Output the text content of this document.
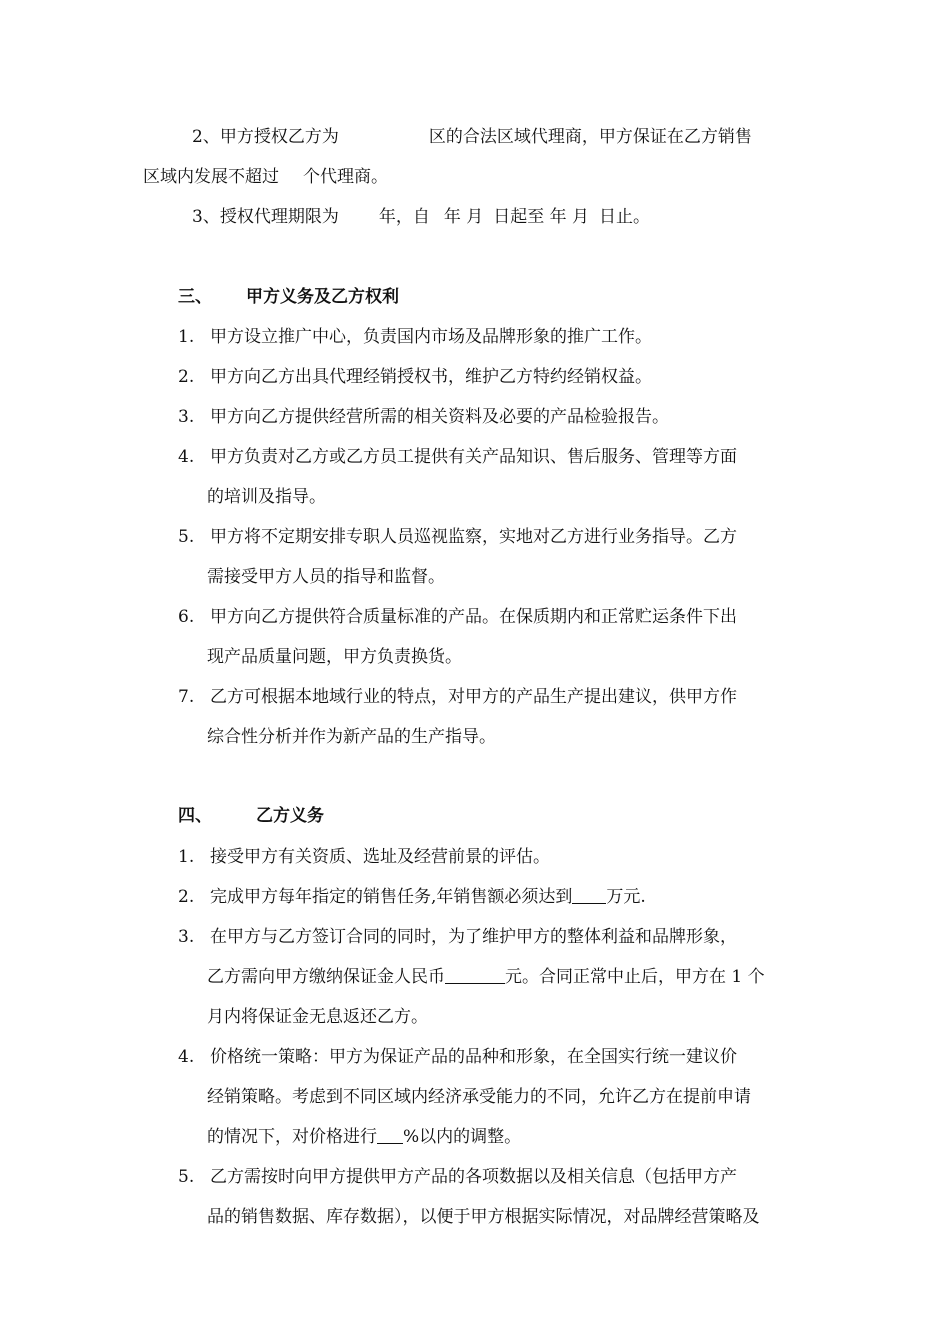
2、甲方授权乙方为	区的合法区域代理商，甲方保证在乙方销售
区域内发展不超过 个代理商。
3、授权代理期限为 年，自 年 月 日起至 年 月 日止。
三、 甲方义务及乙方权利
1. 甲方设立推广中心，负责国内市场及品牌形象的推广工作。
2. 甲方向乙方出具代理经销授权书，维护乙方特约经销权益。
3. 甲方向乙方提供经营所需的相关资料及必要的产品检验报告。
4. 甲方负责对乙方或乙方员工提供有关产品知识、售后服务、管理等方面
的培训及指导。
5. 甲方将不定期安排专职人员巡视监察，实地对乙方进行业务指导。乙方
需接受甲方人员的指导和监督。
6. 甲方向乙方提供符合质量标准的产品。在保质期内和正常贮运条件下出
现产品质量问题，甲方负责换货。
7. 乙方可根据本地域行业的特点，对甲方的产品生产提出建议，供甲方作
综合性分析并作为新产品的生产指导。
四、	乙方义务
1. 接受甲方有关资质、选址及经营前景的评估。
2. 完成甲方每年指定的销售任务,年销售额必须达到 万元.
3. 在甲方与乙方签订合同的同时，为了维护甲方的整体利益和品牌形象，
乙方需向甲方缴纳保证金人民币	元。合同正常中止后，甲方在 1 个
月内将保证金无息返还乙方。
4. 价格统一策略：甲方为保证产品的品种和形象，在全国实行统一建议价
经销策略。考虑到不同区域内经济承受能力的不同，允许乙方在提前申请
的情况下，对价格进行 %以内的调整。
5. 乙方需按时向甲方提供甲方产品的各项数据以及相关信息（包括甲方产
品的销售数据、库存数据），以便于甲方根据实际情况，对品牌经营策略及
